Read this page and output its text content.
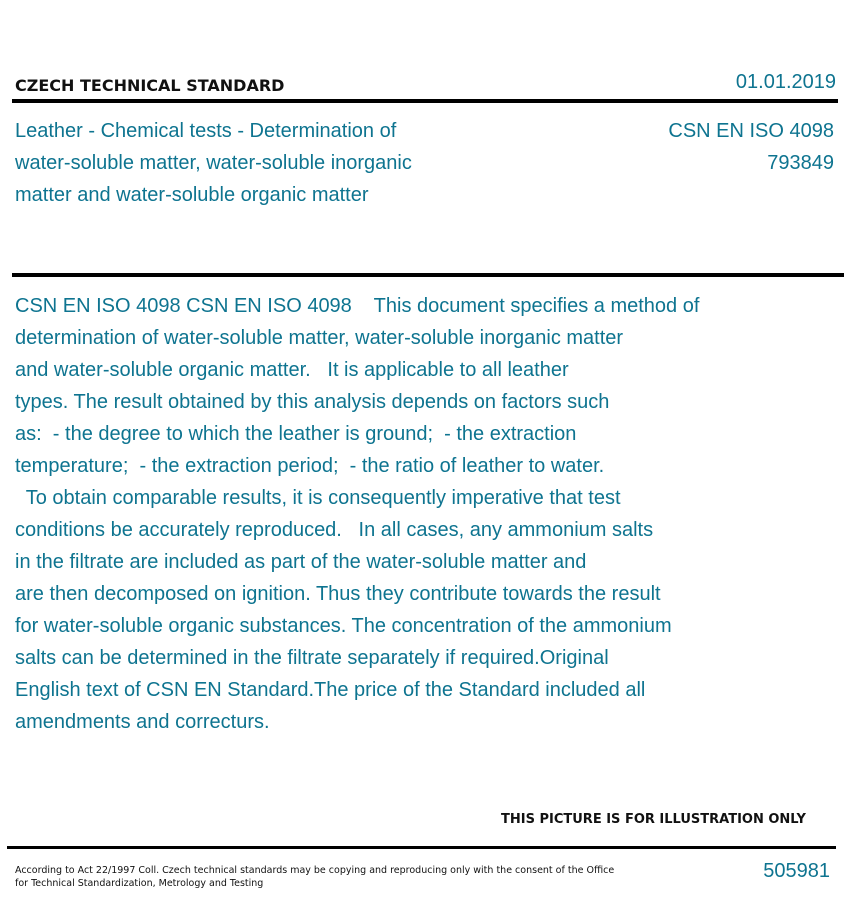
CZECH TECHNICAL STANDARD	01.01.2019
Leather - Chemical tests - Determination of
water-soluble matter, water-soluble inorganic
matter and water-soluble organic matter
CSN EN ISO 4098
793849
CSN EN ISO 4098 CSN EN ISO 4098    This document specifies a method of
determination of water-soluble matter, water-soluble inorganic matter
and water-soluble organic matter.   It is applicable to all leather
types. The result obtained by this analysis depends on factors such
as:  - the degree to which the leather is ground;  - the extraction
temperature;  - the extraction period;  - the ratio of leather to water.
To obtain comparable results, it is consequently imperative that test
conditions be accurately reproduced.   In all cases, any ammonium salts
in the filtrate are included as part of the water-soluble matter and
are then decomposed on ignition. Thus they contribute towards the result
for water-soluble organic substances. The concentration of the ammonium
salts can be determined in the filtrate separately if required.Original
English text of CSN EN Standard.The price of the Standard included all
amendments and correcturs.
THIS PICTURE IS FOR ILLUSTRATION ONLY
According to Act 22/1997 Coll. Czech technical standards may be copying and reproducing only with the consent of the Office
for Technical Standardization, Metrology and Testing
505981
